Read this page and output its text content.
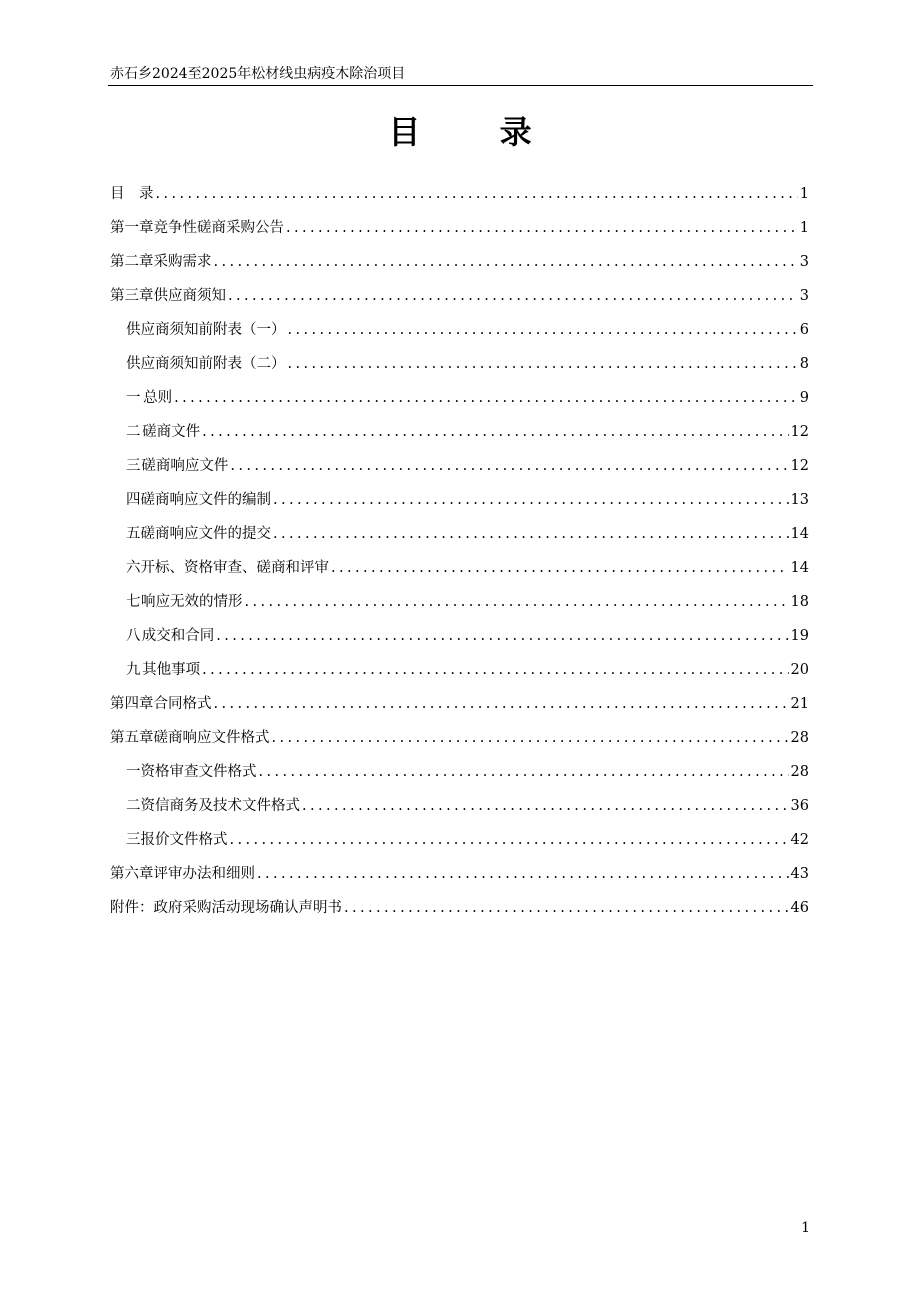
赤石乡2024至2025年松材线虫病疫木除治项目
目 录
目　录 .....	1
第一章 竞争性磋商采购公告 .....	1
第二章 采购需求 .....	3
第三章 供应商须知 .....	3
供应商须知前附表（一） .....	6
供应商须知前附表（二） .....	8
一 总则 .....	9
二 磋商文件 .....	12
三 磋商响应文件 .....	12
四 磋商响应文件的编制 .....	13
五 磋商响应文件的提交 .....	14
六 开标、资格审查、磋商和评审 .....	14
七 响应无效的情形 .....	18
八 成交和合同 .....	19
九 其他事项 .....	20
第四章 合同格式 .....	21
第五章 磋商响应文件格式 .....	28
一 资格审查文件格式 .....	28
二 资信商务及技术文件格式 .....	36
三 报价文件格式 .....	42
第六章 评审办法和细则 .....	43
附件： 政府采购活动现场确认声明书 .....	46
1
